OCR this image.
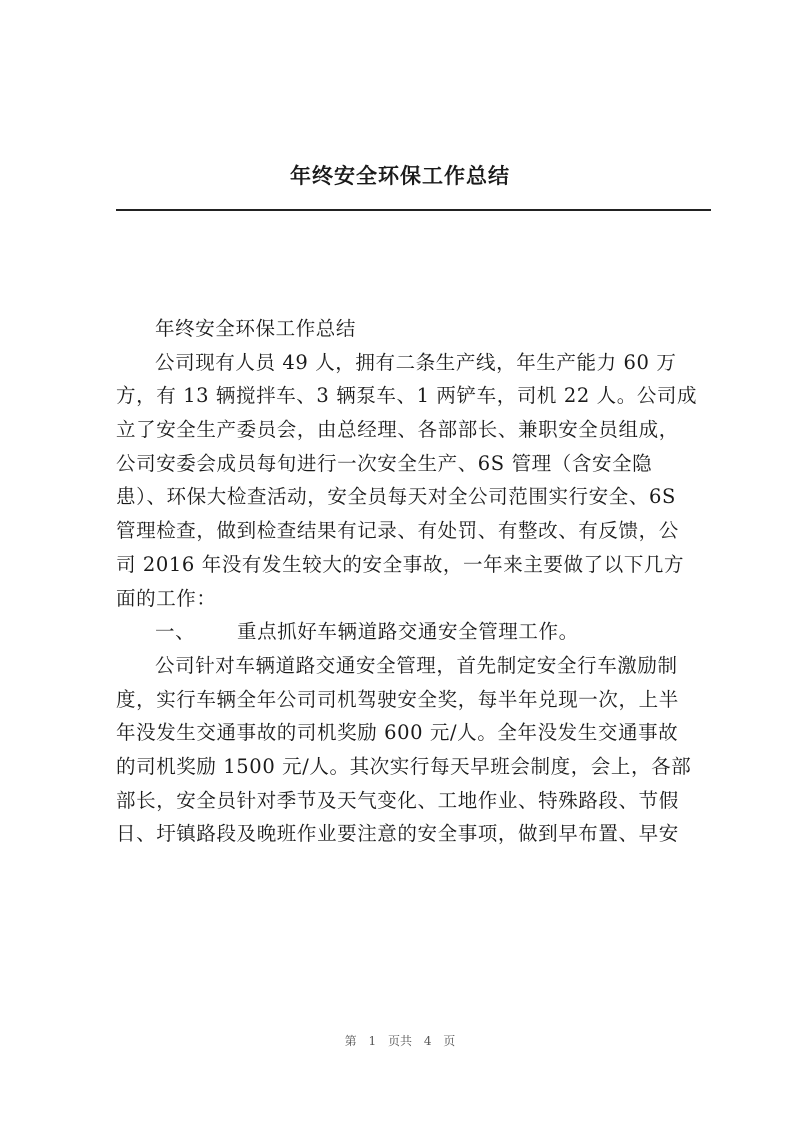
年终安全环保工作总结
年终安全环保工作总结
公司现有人员 49 人，拥有二条生产线，年生产能力 60 万
方，有 13 辆搅拌车、3 辆泵车、1 两铲车，司机 22 人。公司成
立了安全生产委员会，由总经理、各部部长、兼职安全员组成，
公司安委会成员每旬进行一次安全生产、6S 管理（含安全隐
患）、环保大检查活动，安全员每天对全公司范围实行安全、6S
管理检查，做到检查结果有记录、有处罚、有整改、有反馈，公
司 2016 年没有发生较大的安全事故，一年来主要做了以下几方
面的工作：
一、 重点抓好车辆道路交通安全管理工作。
公司针对车辆道路交通安全管理，首先制定安全行车激励制
度，实行车辆全年公司司机驾驶安全奖，每半年兑现一次，上半
年没发生交通事故的司机奖励 600 元/人。全年没发生交通事故
的司机奖励 1500 元/人。其次实行每天早班会制度，会上，各部
部长，安全员针对季节及天气变化、工地作业、特殊路段、节假
日、圩镇路段及晚班作业要注意的安全事项，做到早布置、早安
第 1 页共 4 页
